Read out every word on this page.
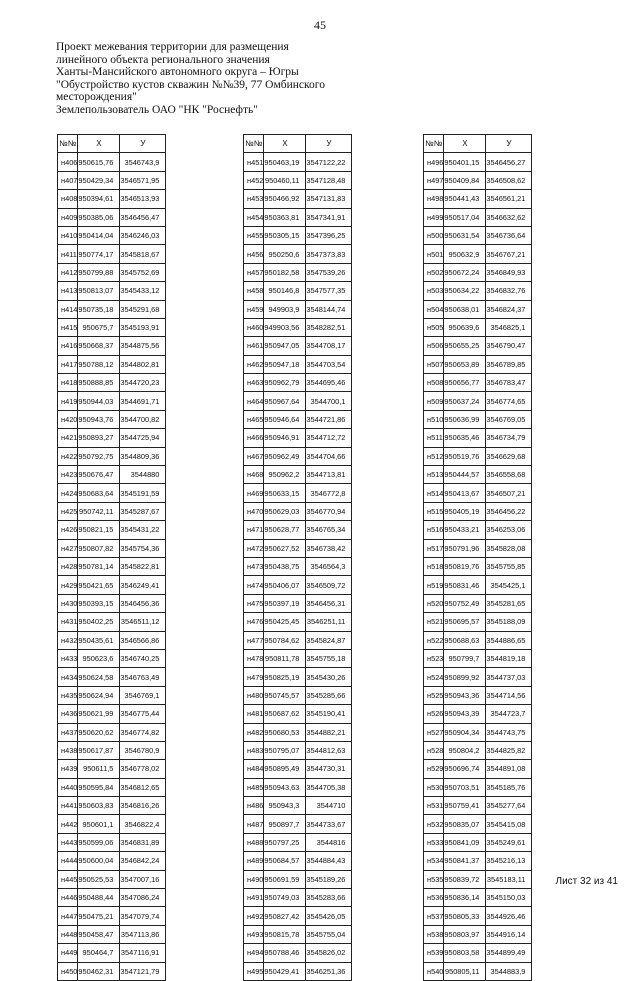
45
Проект межевания территории для размещения
линейного объекта регионального значения
Ханты-Мансийского автономного округа – Югры
"Обустройство кустов скважин №№39, 77 Омбинского
месторождения"
Землепользователь ОАО "НК "Роснефть"
№№	X	У
н406	950615,76	3546743,9
н407	950429,34	3546571,95
н408	950394,61	3546513,93
н409	950385,06	3546456,47
н410	950414,04	3546246,03
н411	950774,17	3545818,67
н412	950799,88	3545752,69
н413	950813,07	3545433,12
н414	950735,18	3545291,68
н415	950675,7	3545193,91
н416	950668,37	3544875,56
н417	950788,12	3544802,81
н418	950888,85	3544720,23
н419	950944,03	3544691,71
н420	950943,76	3544700,82
н421	950893,27	3544725,94
н422	950792,75	3544809,36
н423	950676,47	3544880
н424	950683,64	3545191,59
н425	950742,11	3545287,67
н426	950821,15	3545431,22
н427	950807,82	3545754,36
н428	950781,14	3545822,81
н429	950421,65	3546249,41
н430	950393,15	3546456,36
н431	950402,25	3546511,12
н432	950435,61	3546566,86
н433	950623,6	3546740,25
н434	950624,58	3546763,49
н435	950624,94	3546769,1
н436	950621,99	3546775,44
н437	950620,62	3546774,82
н438	950617,87	3546780,9
н439	950611,5	3546778,02
н440	950595,84	3546812,65
н441	950603,83	3546816,26
н442	950601,1	3546822,4
н443	950599,06	3546831,89
н444	950600,04	3546842,24
н445	950525,53	3547007,16
н446	950488,44	3547086,24
н447	950475,21	3547079,74
н448	950458,47	3547113,86
н449	950464,7	3547116,91
н450	950462,31	3547121,79
№№	X	У
н451	950463,19	3547122,22
н452	950460,11	3547128,48
н453	950466,92	3547131,83
н454	950363,81	3547341,91
н455	950305,15	3547396,25
н456	950250,6	3547373,83
н457	950182,58	3547539,26
н458	950146,8	3547577,35
н459	949903,9	3548144,74
н460	949903,56	3548282,51
н461	950947,05	3544708,17
н462	950947,18	3544703,54
н463	950962,79	3544695,46
н464	950967,64	3544700,1
н465	950946,64	3544721,86
н466	950946,91	3544712,72
н467	950962,49	3544704,66
н468	950962,2	3544713,81
н469	950633,15	3546772,8
н470	950629,03	3546770,94
н471	950628,77	3546765,34
н472	950627,52	3546738,42
н473	950438,75	3546564,3
н474	950406,07	3546509,72
н475	950397,19	3546456,31
н476	950425,45	3546251,11
н477	950784,62	3545824,87
н478	950811,78	3545755,18
н479	950825,19	3545430,26
н480	950745,57	3545285,66
н481	950687,62	3545190,41
н482	950680,53	3544882,21
н483	950795,07	3544812,63
н484	950895,49	3544730,31
н485	950943,63	3544705,38
н486	950943,3	3544710
н487	950897,7	3544733,67
н488	950797,25	3544816
н489	950684,57	3544884,43
н490	950691,59	3545189,26
н491	950749,03	3545283,66
н492	950827,42	3545426,05
н493	950815,78	3545755,04
н494	950788,46	3545826,02
н495	950429,41	3546251,36
№№	X	У
н496	950401,15	3546456,27
н497	950409,84	3546508,62
н498	950441,43	3546561,21
н499	950517,04	3546632,62
н500	950631,54	3546736,64
н501	950632,9	3546767,21
н502	950672,24	3546849,93
н503	950634,22	3546832,76
н504	950638,01	3546824,37
н505	950639,6	3546825,1
н506	950655,25	3546790,47
н507	950653,89	3546789,85
н508	950656,77	3546783,47
н509	950637,24	3546774,65
н510	950636,99	3546769,05
н511	950635,46	3546734,79
н512	950519,76	3546629,68
н513	950444,57	3546558,68
н514	950413,67	3546507,21
н515	950405,19	3546456,22
н516	950433,21	3546253,06
н517	950791,96	3545828,08
н518	950819,76	3545755,85
н519	950831,46	3545425,1
н520	950752,49	3545281,65
н521	950695,57	3545188,09
н522	950688,63	3544886,65
н523	950799,7	3544819,18
н524	950899,92	3544737,03
н525	950943,36	3544714,56
н526	950943,39	3544723,7
н527	950904,34	3544743,75
н528	950804,2	3544825,82
н529	950696,74	3544891,08
н530	950703,51	3545185,76
н531	950759,41	3545277,64
н532	950835,07	3545415,08
н533	950841,09	3545249,61
н534	950841,37	3545216,13
н535	950839,72	3545183,11
н536	950836,14	3545150,03
н537	950805,33	3544926,46
н538	950803,97	3544916,14
н539	950803,58	3544899,49
н540	950805,11	3544883,9
Лист 32 из 41
